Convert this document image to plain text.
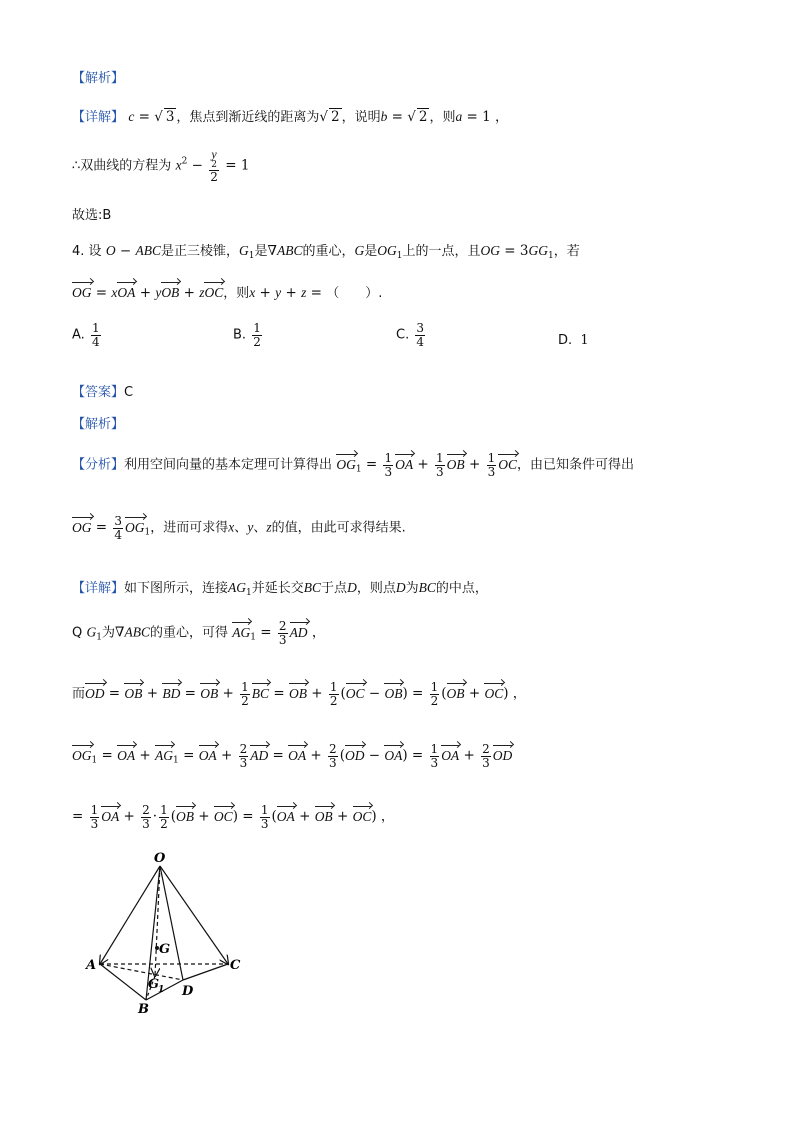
【解析】
【详解】 c = √ 3 ，焦点到渐近线的距离为√ 2 ，说明b = √ 2 ，则a = 1 ，
∴双曲线的方程为 $x^2 - y$
2
2 = 1
故选:B
4. 设 O − ABC是正三棱锥，$G_1$是∇ABC的重心，G是$OG_1$上的一点，且OG = $3GG_1$，若
OG = xOA + yOB + zOC，则x + y + z = （　　）.
A. $\frac{1}{4}$	B. $\frac{1}{2}$	C. $\frac{3}{4}$	D. 1
【答案】C
【解析】
【分析】利用空间向量的基本定理可计算得出 $OG_1 = \frac{1}{3}$ OA + $\frac{1}{3}$ OB + $\frac{1}{3}$ OC，由已知条件可得出
OG = $\frac{3}{4} OG_1$，进而可求得x、y、z的值，由此可求得结果.
【详解】如下图所示，连接$AG_1$并延长交BC于点D，则点D为BC的中点，
Q $G_1$为∇ABC的重心，可得 $AG_1 = \frac{2}{3}$ AD ，
而OD = OB + BD = OB + $\frac{1}{2}$ BC = OB + $\frac{1}{2} (OC - OB) = \frac{1}{2} (OB + OC)$ ，
$OG_1$ = OA + $AG_1$ = OA + $\frac{2}{3}$ AD = OA + $\frac{2}{3} (OD - OA) = \frac{1}{3}$ OA + $\frac{2}{3}$ OD
= $\frac{1}{3}$ OA + $\frac{2}{3} \cdot \frac{1}{2} (OB + OC) = \frac{1}{3} (OA$ + OB + OC) ，
O
A	C
B
D
G
G
1
